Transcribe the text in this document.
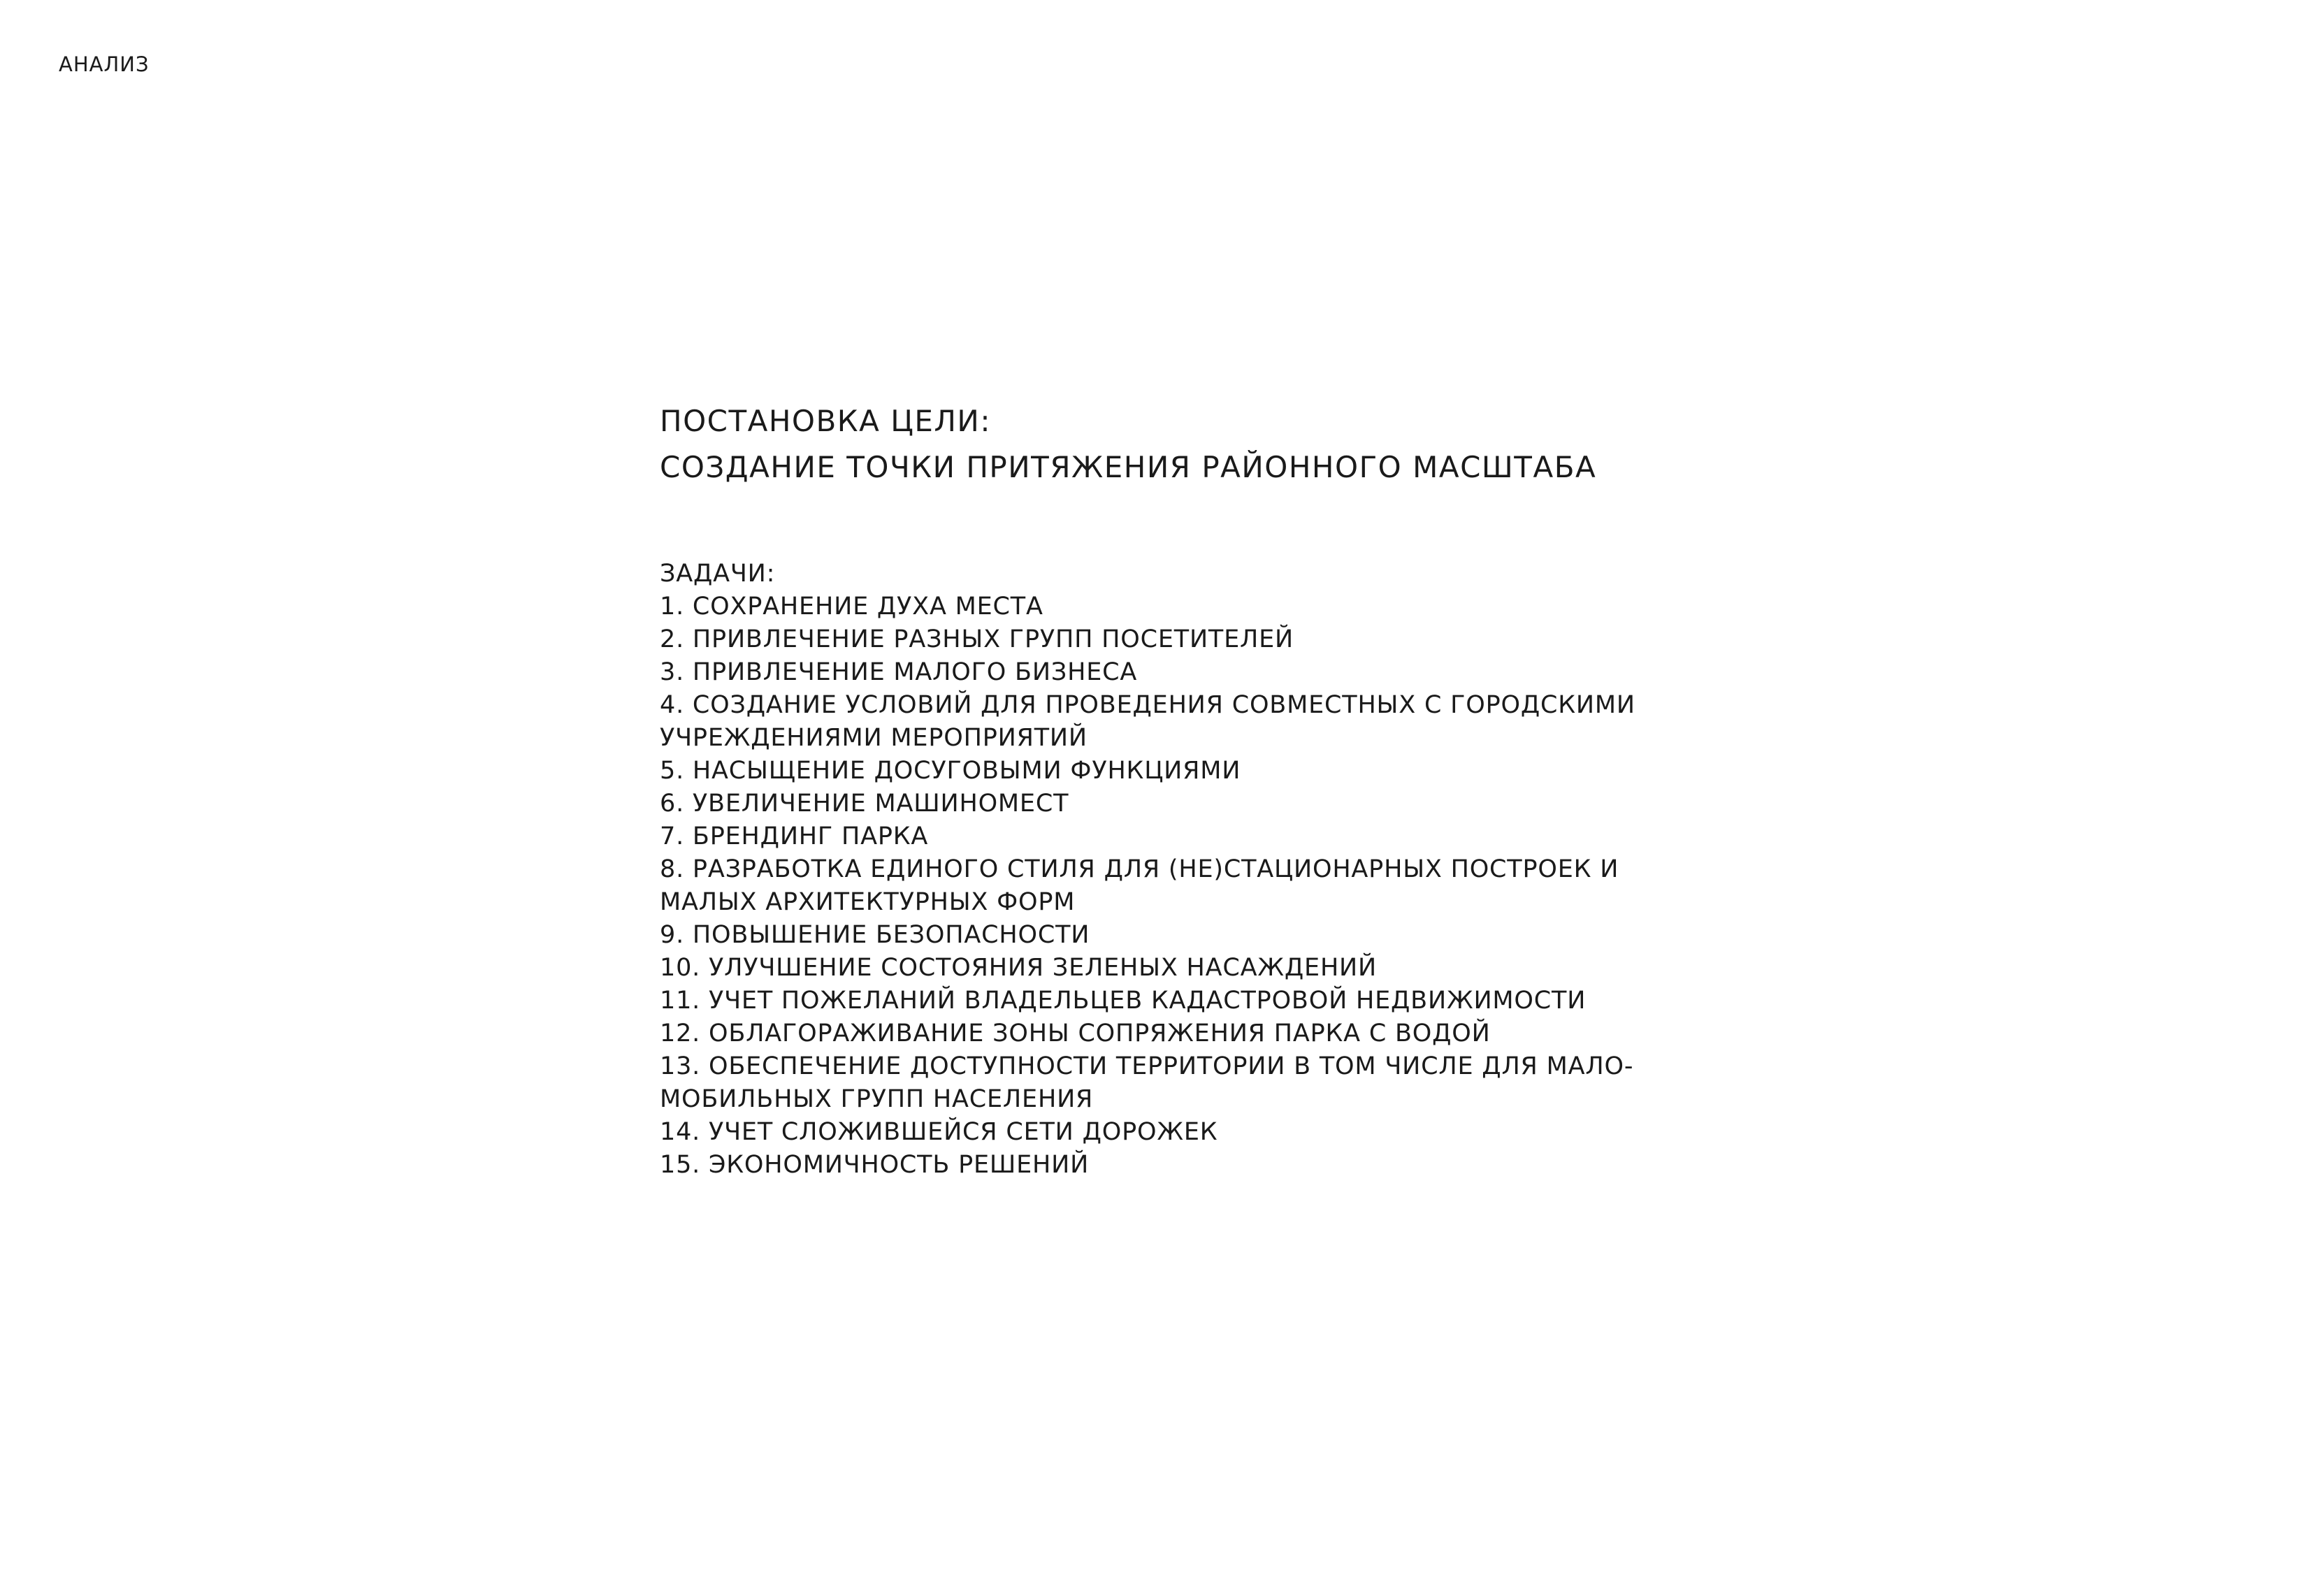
АНАЛИЗ
ПОСТАНОВКА ЦЕЛИ:
СОЗДАНИЕ ТОЧКИ ПРИТЯЖЕНИЯ РАЙОННОГО МАСШТАБА
ЗАДАЧИ:
1. СОХРАНЕНИЕ ДУХА МЕСТА
2. ПРИВЛЕЧЕНИЕ РАЗНЫХ ГРУПП ПОСЕТИТЕЛЕЙ
3. ПРИВЛЕЧЕНИЕ МАЛОГО БИЗНЕСА
4. СОЗДАНИЕ УСЛОВИЙ ДЛЯ ПРОВЕДЕНИЯ СОВМЕСТНЫХ С ГОРОДСКИМИ
УЧРЕЖДЕНИЯМИ МЕРОПРИЯТИЙ
5. НАСЫЩЕНИЕ ДОСУГОВЫМИ ФУНКЦИЯМИ
6. УВЕЛИЧЕНИЕ МАШИНОМЕСТ
7. БРЕНДИНГ ПАРКА
8. РАЗРАБОТКА ЕДИНОГО СТИЛЯ ДЛЯ (НЕ)СТАЦИОНАРНЫХ ПОСТРОЕК И
МАЛЫХ АРХИТЕКТУРНЫХ ФОРМ
9. ПОВЫШЕНИЕ БЕЗОПАСНОСТИ
10. УЛУЧШЕНИЕ СОСТОЯНИЯ ЗЕЛЕНЫХ НАСАЖДЕНИЙ
11. УЧЕТ ПОЖЕЛАНИЙ ВЛАДЕЛЬЦЕВ КАДАСТРОВОЙ НЕДВИЖИМОСТИ
12. ОБЛАГОРАЖИВАНИЕ ЗОНЫ СОПРЯЖЕНИЯ ПАРКА С ВОДОЙ
13. ОБЕСПЕЧЕНИЕ ДОСТУПНОСТИ ТЕРРИТОРИИ В ТОМ ЧИСЛЕ ДЛЯ МАЛО-
МОБИЛЬНЫХ ГРУПП НАСЕЛЕНИЯ
14. УЧЕТ СЛОЖИВШЕЙСЯ СЕТИ ДОРОЖЕК
15. ЭКОНОМИЧНОСТЬ РЕШЕНИЙ
